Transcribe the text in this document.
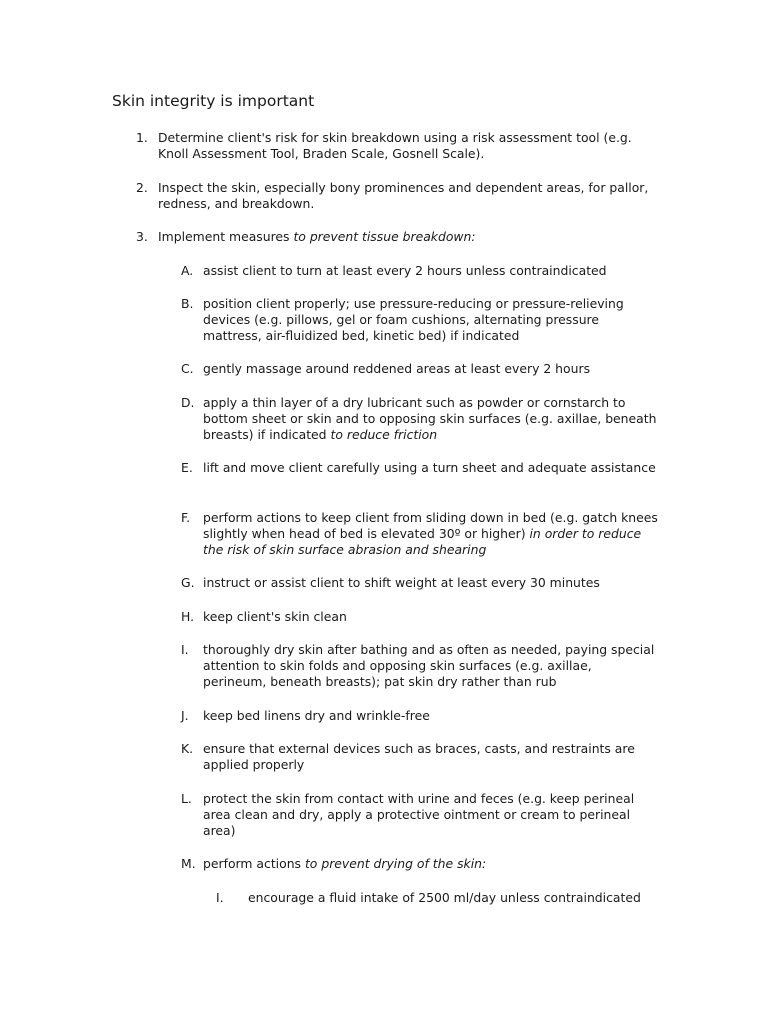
Skin integrity is important
1. Determine client's risk for skin breakdown using a risk assessment tool (e.g. Knoll Assessment Tool, Braden Scale, Gosnell Scale).
2. Inspect the skin, especially bony prominences and dependent areas, for pallor, redness, and breakdown.
3. Implement measures to prevent tissue breakdown:
A. assist client to turn at least every 2 hours unless contraindicated
B. position client properly; use pressure-reducing or pressure-relieving devices (e.g. pillows, gel or foam cushions, alternating pressure mattress, air-fluidized bed, kinetic bed) if indicated
C. gently massage around reddened areas at least every 2 hours
D. apply a thin layer of a dry lubricant such as powder or cornstarch to bottom sheet or skin and to opposing skin surfaces (e.g. axillae, beneath breasts) if indicated to reduce friction
E. lift and move client carefully using a turn sheet and adequate assistance
F. perform actions to keep client from sliding down in bed (e.g. gatch knees slightly when head of bed is elevated 30º or higher) in order to reduce the risk of skin surface abrasion and shearing
G. instruct or assist client to shift weight at least every 30 minutes
H. keep client's skin clean
I. thoroughly dry skin after bathing and as often as needed, paying special attention to skin folds and opposing skin surfaces (e.g. axillae, perineum, beneath breasts); pat skin dry rather than rub
J. keep bed linens dry and wrinkle-free
K. ensure that external devices such as braces, casts, and restraints are applied properly
L. protect the skin from contact with urine and feces (e.g. keep perineal area clean and dry, apply a protective ointment or cream to perineal area)
M. perform actions to prevent drying of the skin:
I. encourage a fluid intake of 2500 ml/day unless contraindicated
